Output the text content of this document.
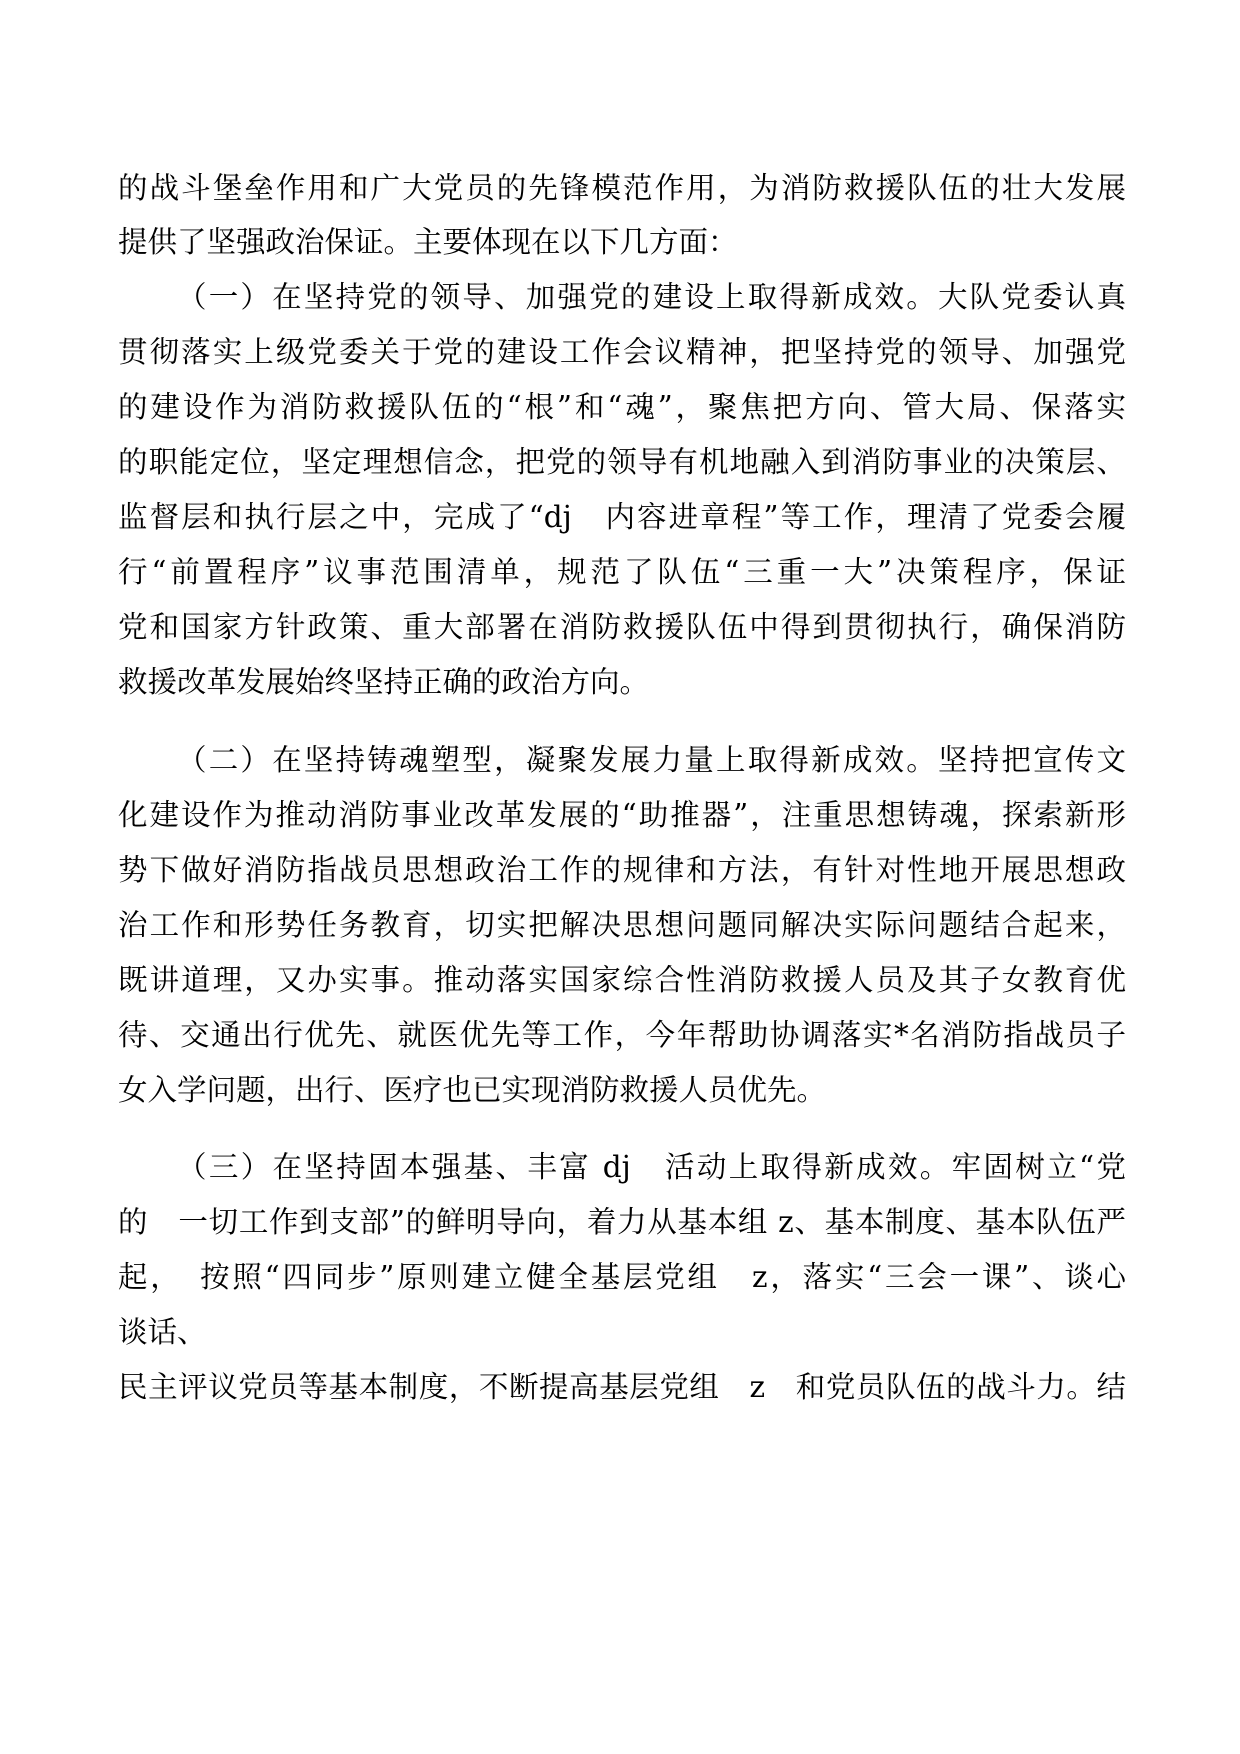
的战斗堡垒作用和广大党员的先锋模范作用，为消防救援队伍的壮大发展
提供了坚强政治保证。主要体现在以下几方面：
（一）在坚持党的领导、加强党的建设上取得新成效。大队党委认真
贯彻落实上级党委关于党的建设工作会议精神，把坚持党的领导、加强党
的建设作为消防救援队伍的“根”和“魂”，聚焦把方向、管大局、保落实
的职能定位，坚定理想信念，把党的领导有机地融入到消防事业的决策层、
监督层和执行层之中，完成了“dj　内容进章程”等工作，理清了党委会履
行“前置程序”议事范围清单，规范了队伍“三重一大”决策程序，保证
党和国家方针政策、重大部署在消防救援队伍中得到贯彻执行，确保消防
救援改革发展始终坚持正确的政治方向。
（二）在坚持铸魂塑型，凝聚发展力量上取得新成效。坚持把宣传文
化建设作为推动消防事业改革发展的“助推器”，注重思想铸魂，探索新形
势下做好消防指战员思想政治工作的规律和方法，有针对性地开展思想政
治工作和形势任务教育，切实把解决思想问题同解决实际问题结合起来，
既讲道理，又办实事。推动落实国家综合性消防救援人员及其子女教育优
待、交通出行优先、就医优先等工作，今年帮助协调落实*名消防指战员子
女入学问题，出行、医疗也已实现消防救援人员优先。
（三）在坚持固本强基、丰富 dj　活动上取得新成效。牢固树立“党
的　一切工作到支部”的鲜明导向，着力从基本组 z、基本制度、基本队伍严
起，　按照“四同步”原则建立健全基层党组　z，落实“三会一课”、谈心
谈话、
民主评议党员等基本制度，不断提高基层党组　z　和党员队伍的战斗力。结
